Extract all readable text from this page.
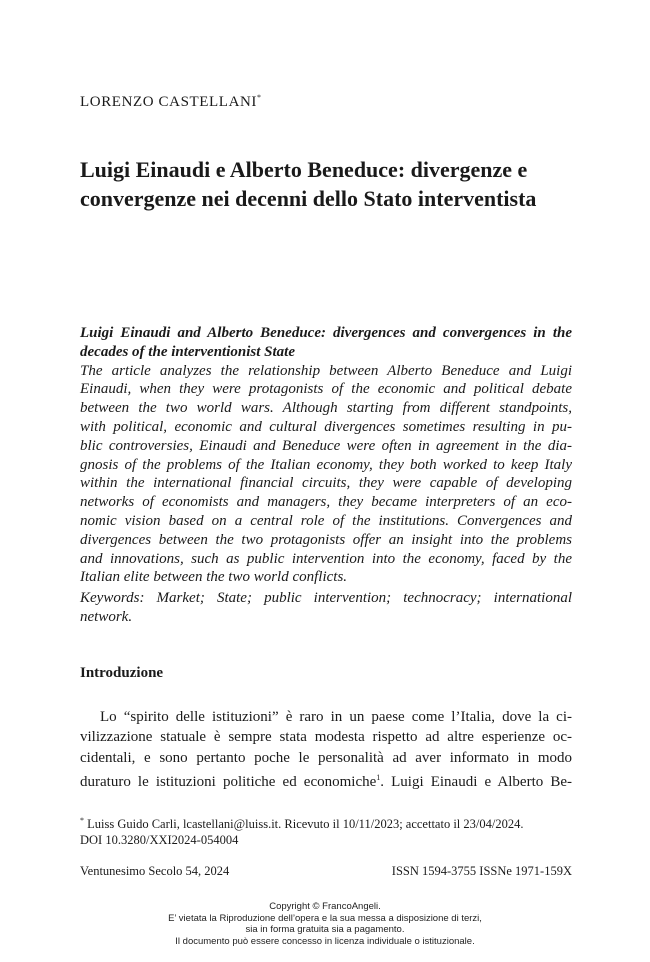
LORENZO CASTELLANI*
Luigi Einaudi e Alberto Beneduce: divergenze e
convergenze nei decenni dello Stato interventista
Luigi Einaudi and Alberto Beneduce: divergences and convergences in the
decades of the interventionist State
The article analyzes the relationship between Alberto Beneduce and Luigi
Einaudi, when they were protagonists of the economic and political debate
between the two world wars. Although starting from different standpoints,
with political, economic and cultural divergences sometimes resulting in pu-
blic controversies, Einaudi and Beneduce were often in agreement in the dia-
gnosis of the problems of the Italian economy, they both worked to keep Italy
within the international financial circuits, they were capable of developing
networks of economists and managers, they became interpreters of an eco-
nomic vision based on a central role of the institutions. Convergences and
divergences between the two protagonists offer an insight into the problems
and innovations, such as public intervention into the economy, faced by the
Italian elite between the two world conflicts.
Keywords: Market; State; public intervention; technocracy; international
network.
Introduzione
Lo “spirito delle istituzioni” è raro in un paese come l’Italia, dove la ci-
vilizzazione statuale è sempre stata modesta rispetto ad altre esperienze oc-
cidentali, e sono pertanto poche le personalità ad aver informato in modo
duraturo le istituzioni politiche ed economiche$^1$. Luigi Einaudi e Alberto Be-
* Luiss Guido Carli, lcastellani@luiss.it. Ricevuto il 10/11/2023; accettato il 23/04/2024.
DOI 10.3280/XXI2024-054004
Ventunesimo Secolo 54, 2024	ISSN 1594-3755 ISSNe 1971-159X
Copyright © FrancoAngeli.
E’ vietata la Riproduzione dell’opera e la sua messa a disposizione di terzi,
sia in forma gratuita sia a pagamento.
Il documento può essere concesso in licenza individuale o istituzionale.
